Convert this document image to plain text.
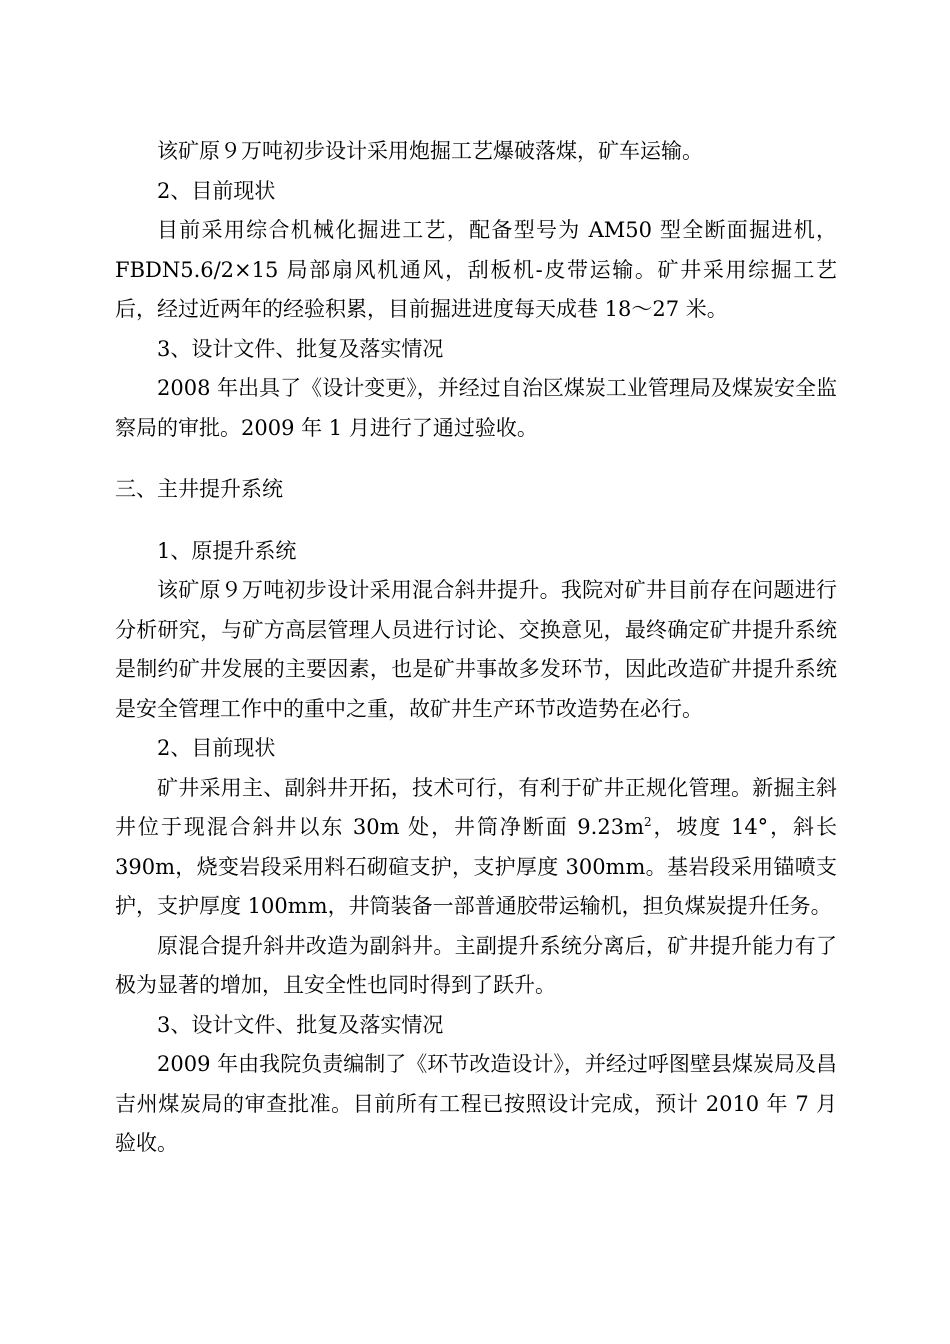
该矿原９万吨初步设计采用炮掘工艺爆破落煤，矿车运输。

2、目前现状

目前采用综合机械化掘进工艺，配备型号为 AM50 型全断面掘进机，FBDN5.6/2×15 局部扇风机通风，刮板机-皮带运输。矿井采用综掘工艺后，经过近两年的经验积累，目前掘进进度每天成巷 18～27 米。

3、设计文件、批复及落实情况

2008 年出具了《设计变更》，并经过自治区煤炭工业管理局及煤炭安全监察局的审批。2009 年 1 月进行了通过验收。

三、主井提升系统

1、原提升系统

该矿原９万吨初步设计采用混合斜井提升。我院对矿井目前存在问题进行分析研究，与矿方高层管理人员进行讨论、交换意见，最终确定矿井提升系统是制约矿井发展的主要因素，也是矿井事故多发环节，因此改造矿井提升系统是安全管理工作中的重中之重，故矿井生产环节改造势在必行。

2、目前现状

矿井采用主、副斜井开拓，技术可行，有利于矿井正规化管理。新掘主斜井位于现混合斜井以东 30m 处，井筒净断面 $9.23m^2$，坡度 14°，斜长 390m，烧变岩段采用料石砌碹支护，支护厚度 300mm。基岩段采用锚喷支护，支护厚度 100mm，井筒装备一部普通胶带运输机，担负煤炭提升任务。

原混合提升斜井改造为副斜井。主副提升系统分离后，矿井提升能力有了极为显著的增加，且安全性也同时得到了跃升。

3、设计文件、批复及落实情况

2009 年由我院负责编制了《环节改造设计》，并经过呼图壁县煤炭局及昌吉州煤炭局的审查批准。目前所有工程已按照设计完成，预计 2010 年 7 月验收。
